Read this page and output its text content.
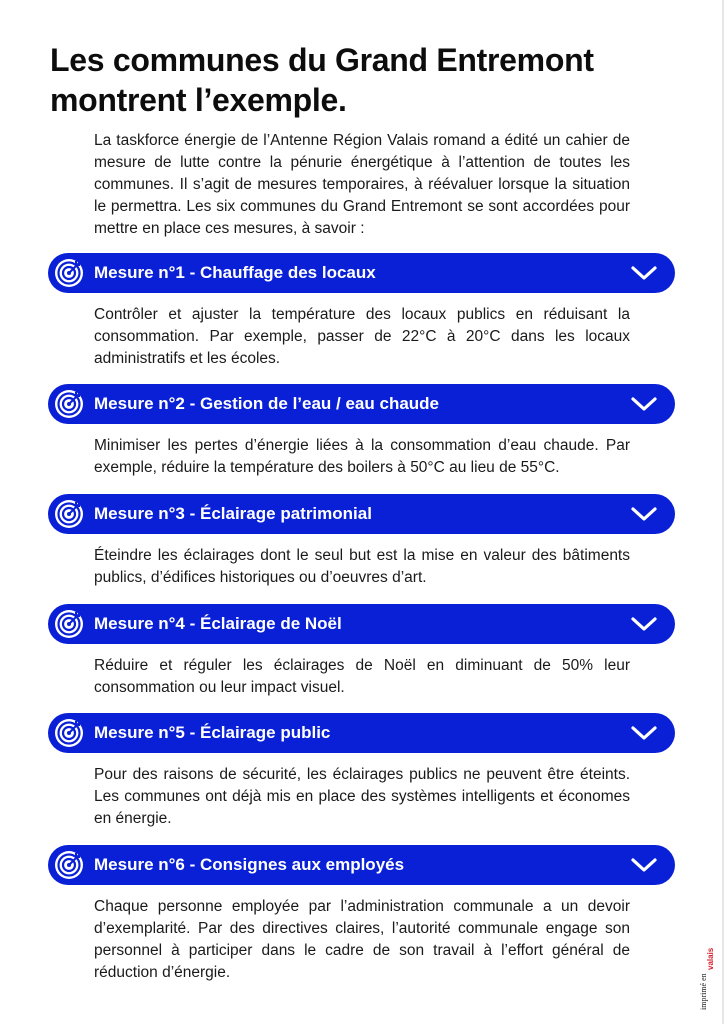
Les communes du Grand Entremont montrent l’exemple.

La taskforce énergie de l’Antenne Région Valais romand a édité un cahier de mesure de lutte contre la pénurie énergétique à l’attention de toutes les communes. Il s’agit de mesures temporaires, à réévaluer lorsque la situation le permettra. Les six communes du Grand Entremont se sont accordées pour mettre en place ces mesures, à savoir :

Mesure n°1 - Chauffage des locaux

Contrôler et ajuster la température des locaux publics en réduisant la consommation. Par exemple, passer de 22°C à 20°C dans les locaux administratifs et les écoles.

Mesure n°2 - Gestion de l’eau / eau chaude

Minimiser les pertes d’énergie liées à la consommation d’eau chaude. Par exemple, réduire la température des boilers à 50°C au lieu de 55°C.

Mesure n°3 - Éclairage patrimonial

Éteindre les éclairages dont le seul but est la mise en valeur des bâtiments publics, d’édifices historiques ou d’oeuvres d’art.

Mesure n°4 - Éclairage de Noël

Réduire et réguler les éclairages de Noël en diminuant de 50% leur consommation ou leur impact visuel.

Mesure n°5 - Éclairage public

Pour des raisons de sécurité, les éclairages publics ne peuvent être éteints. Les communes ont déjà mis en place des systèmes intelligents et économes en énergie.

Mesure n°6 - Consignes aux employés

Chaque personne employée par l’administration communale a un devoir d’exemplarité. Par des directives claires, l’autorité communale engage son personnel à participer dans le cadre de son travail à l’effort général de réduction d’énergie.

imprimé en
valais
